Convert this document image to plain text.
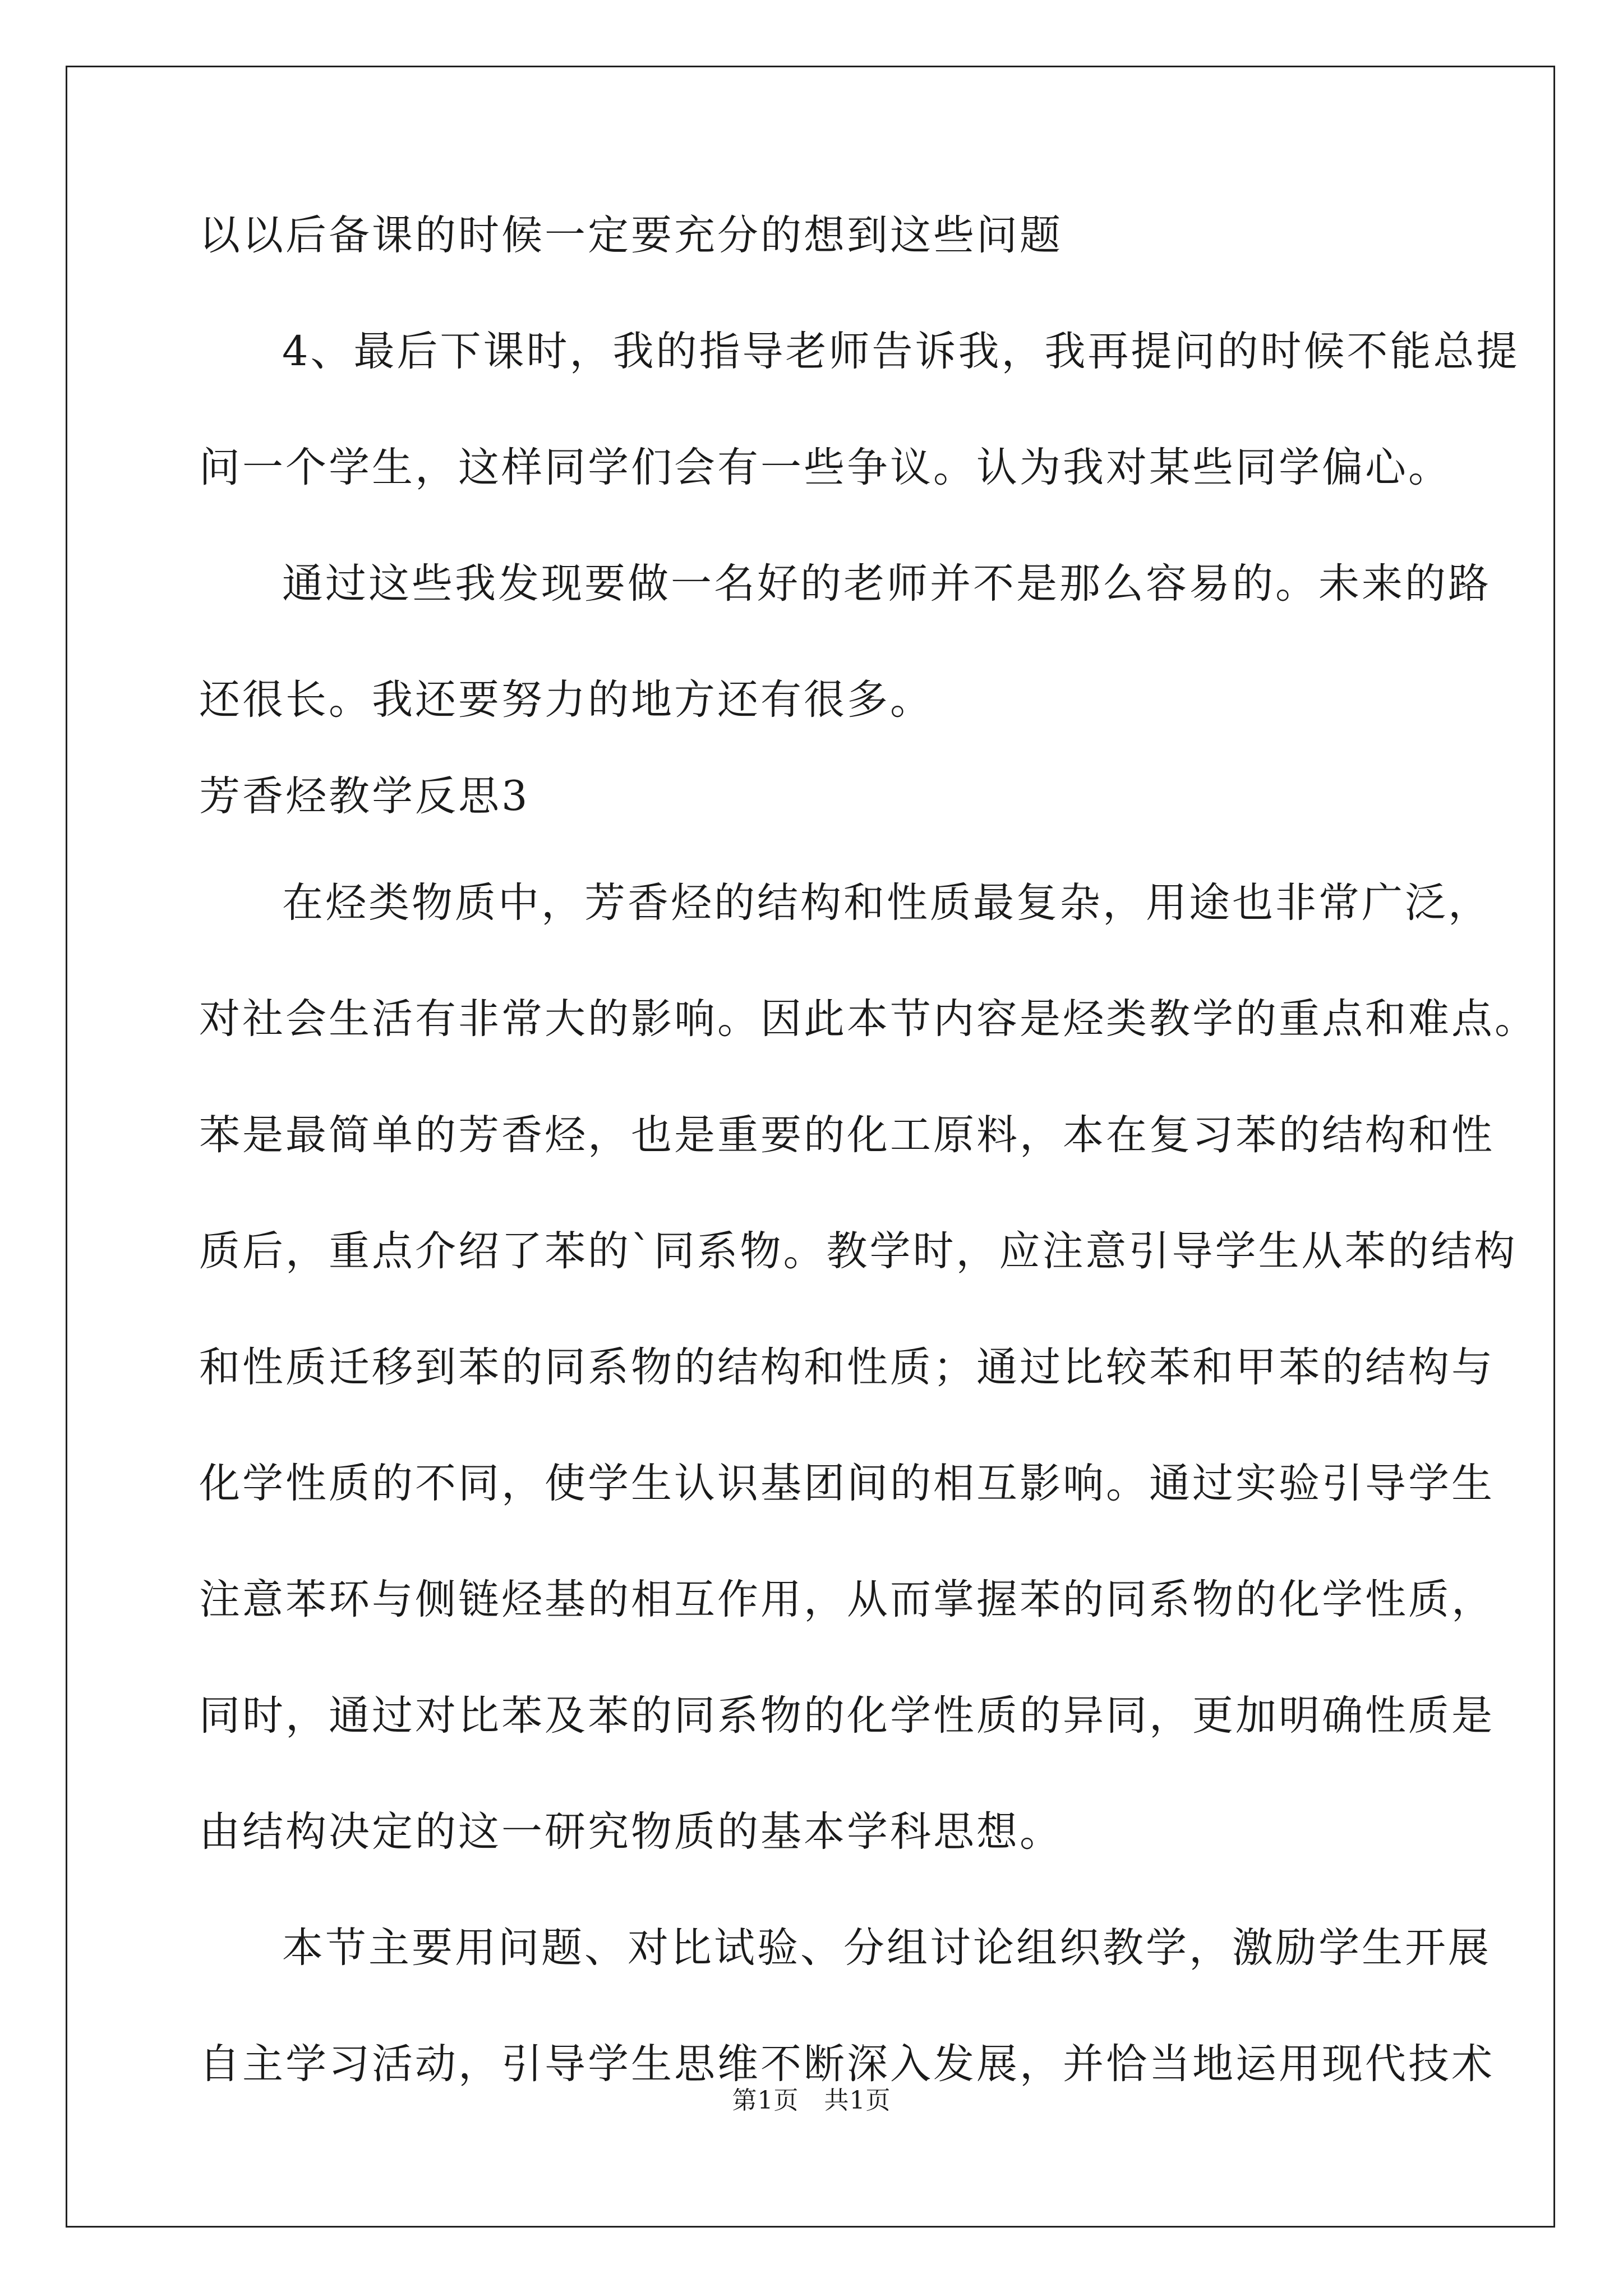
以以后备课的时候一定要充分的想到这些问题
4、最后下课时，我的指导老师告诉我，我再提问的时候不能总提
问一个学生，这样同学们会有一些争议。认为我对某些同学偏心。
通过这些我发现要做一名好的老师并不是那么容易的。未来的路
还很长。我还要努力的地方还有很多。
芳香烃教学反思3
在烃类物质中，芳香烃的结构和性质最复杂，用途也非常广泛，
对社会生活有非常大的影响。因此本节内容是烃类教学的重点和难点。
苯是最简单的芳香烃，也是重要的化工原料，本在复习苯的结构和性
质后，重点介绍了苯的`同系物。教学时，应注意引导学生从苯的结构
和性质迁移到苯的同系物的结构和性质；通过比较苯和甲苯的结构与
化学性质的不同，使学生认识基团间的相互影响。通过实验引导学生
注意苯环与侧链烃基的相互作用，从而掌握苯的同系物的化学性质，
同时，通过对比苯及苯的同系物的化学性质的异同，更加明确性质是
由结构决定的这一研究物质的基本学科思想。
本节主要用问题、对比试验、分组讨论组织教学，激励学生开展
自主学习活动，引导学生思维不断深入发展，并恰当地运用现代技术
第1页　共1页
